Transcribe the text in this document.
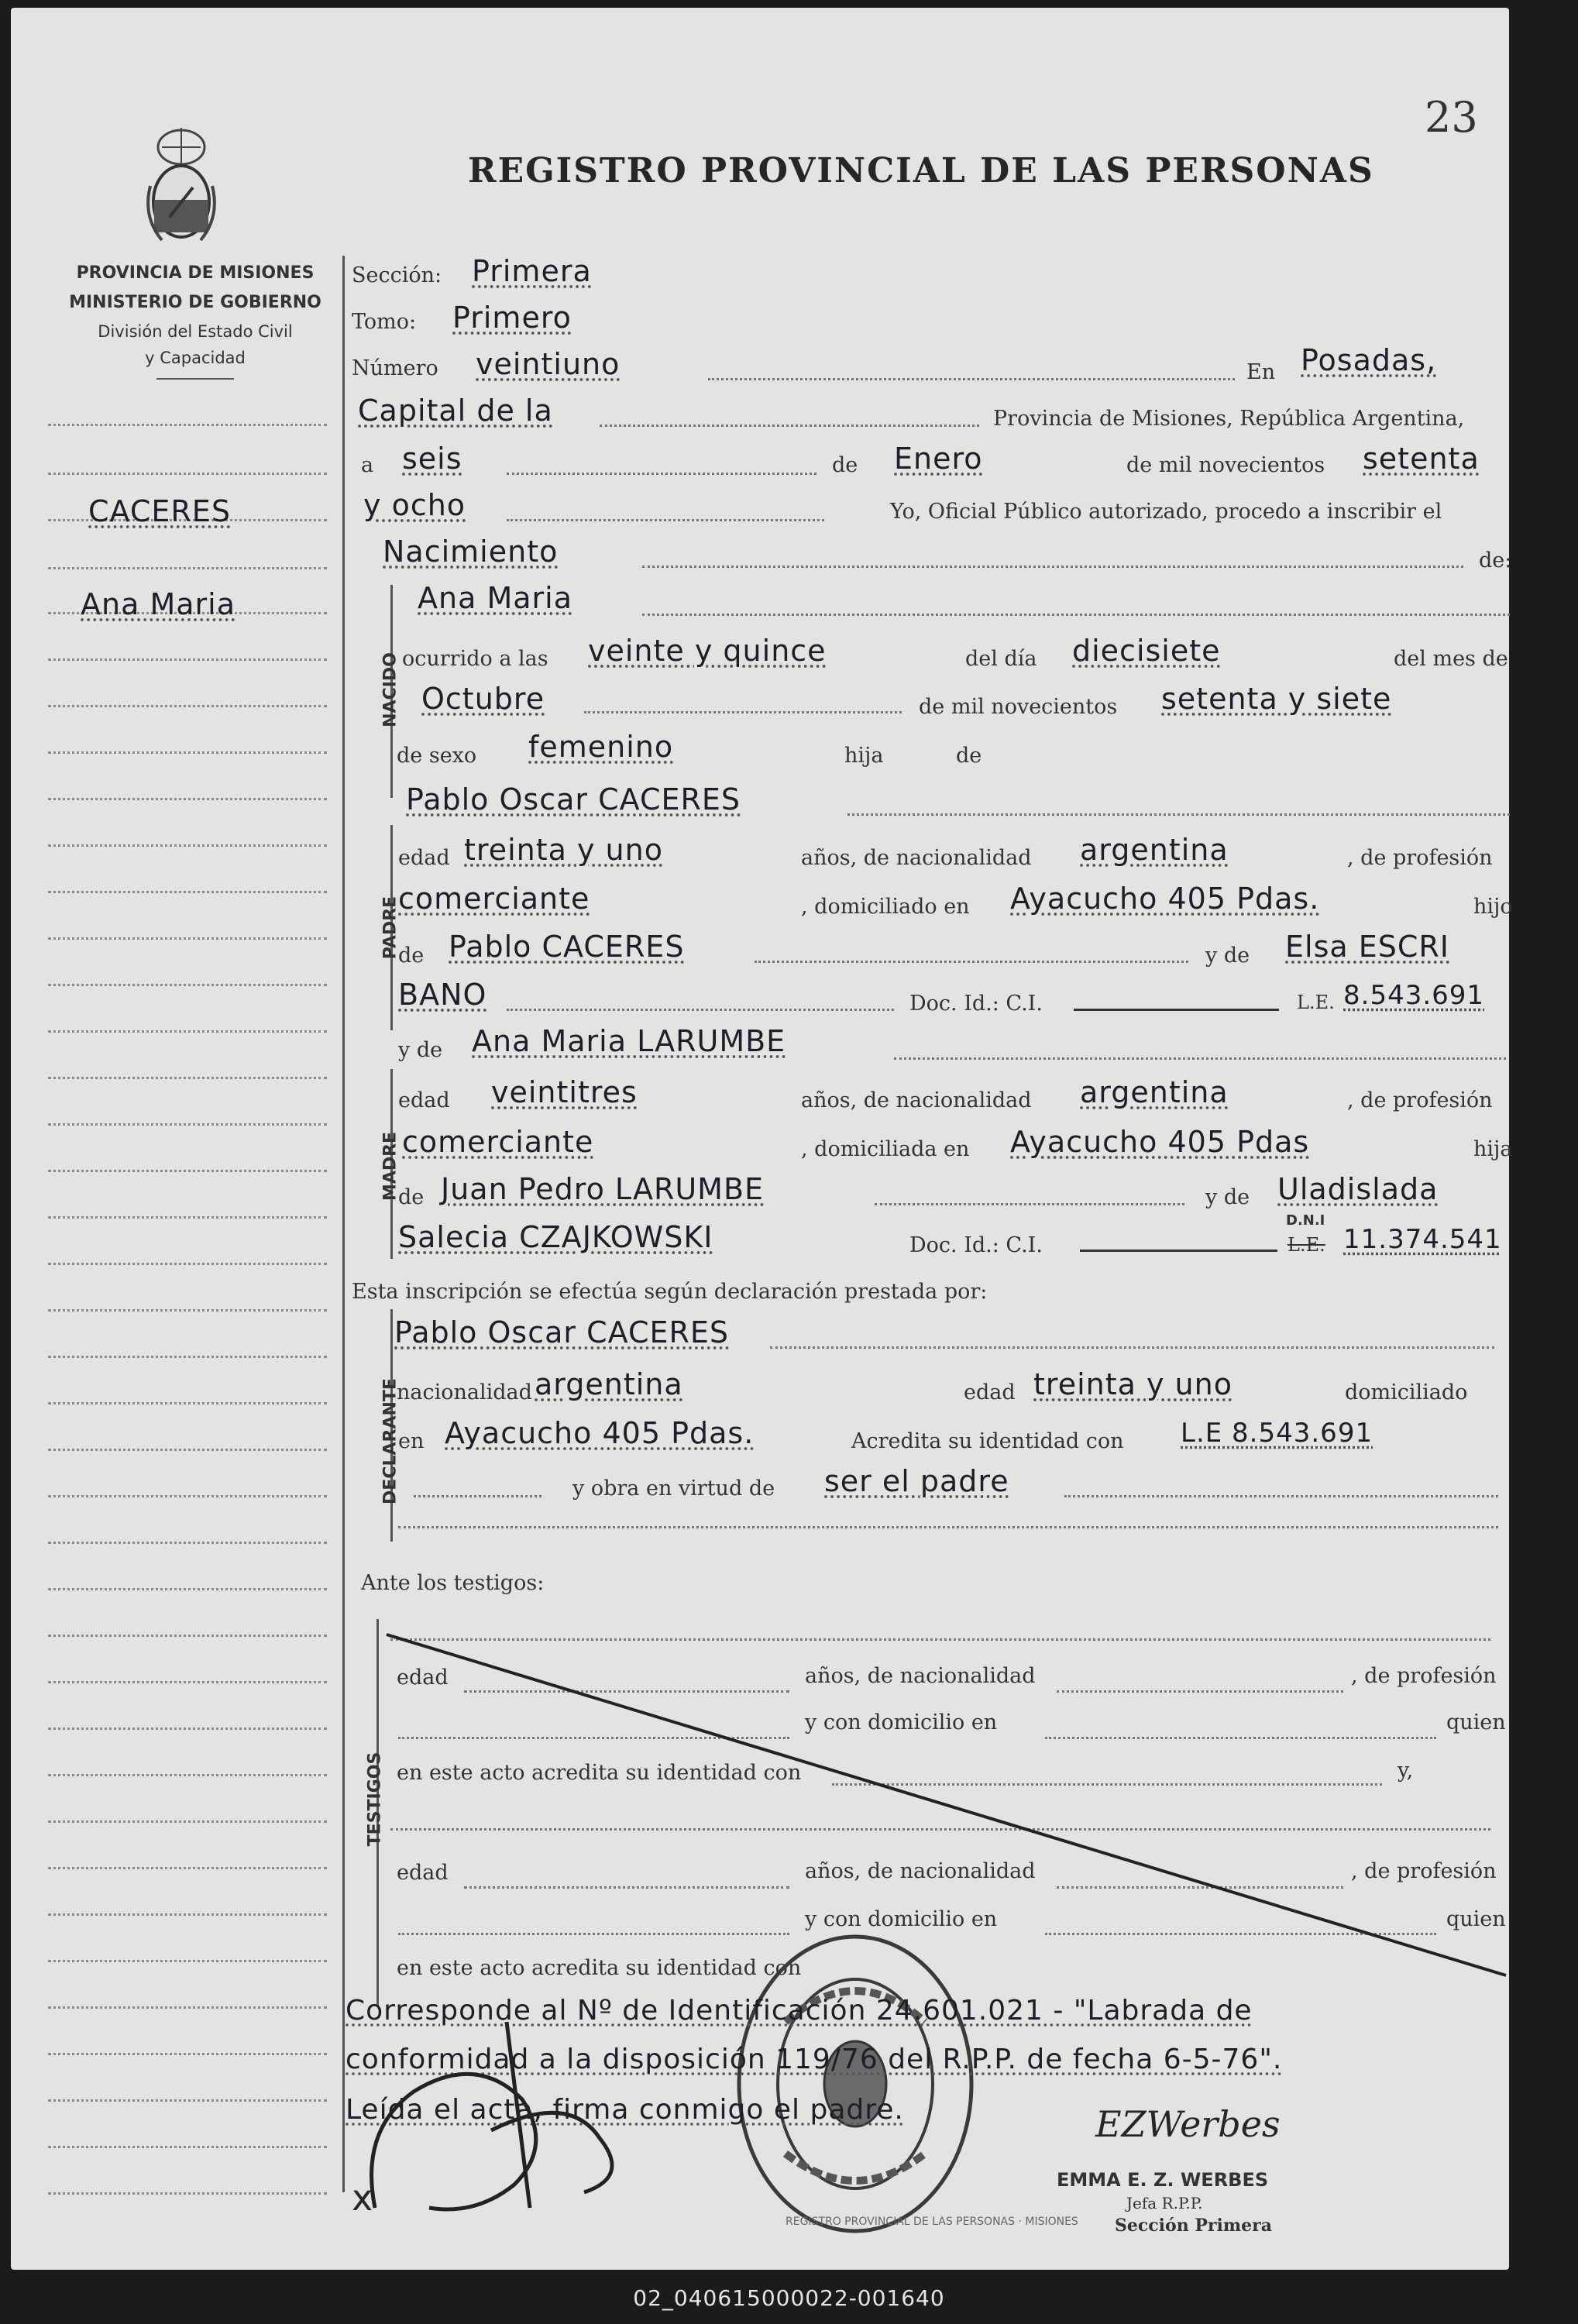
23
REGISTRO PROVINCIAL DE LAS PERSONAS
PROVINCIA DE MISIONES
MINISTERIO DE GOBIERNO
División del Estado Civil
y Capacidad
CACERES
Ana Maria
Sección: Primera
Tomo: Primero
Número veintiuno	En Posadas,
Capital de la	Provincia de Misiones, República Argentina,
a seis	de Enero	de mil novecientos setenta
y ocho	Yo, Oficial Público autorizado, procedo a inscribir el
Nacimiento	de:
NACIDO
Ana Maria
ocurrido a las veinte y quince	del día diecisiete	del mes de
Octubre	de mil novecientos setenta y siete
de sexo femenino	hija	de
Pablo Oscar CACERES
PADRE
edad treinta y uno	años, de nacionalidad argentina	, de profesión
comerciante	, domiciliado en Ayacucho 405 Pdas.	hijo
de Pablo CACERES	y de Elsa ESCRI
BANO	Doc. Id.: C.I.	L.E. 8.543.691
y de Ana Maria LARUMBE
MADRE
edad veintitres	años, de nacionalidad argentina	, de profesión
comerciante	, domiciliada en Ayacucho 405 Pdas	hija
de Juan Pedro LARUMBE	y de Uladislada
Salecia CZAJKOWSKI	Doc. Id.: C.I.
D.N.I
L.E. 11.374.541
Esta inscripción se efectúa según declaración prestada por:
DECLARANTE
Pablo Oscar CACERES
nacionalidad argentina	edad treinta y uno	domiciliado
en Ayacucho 405 Pdas.	Acredita su identidad con L.E 8.543.691
y obra en virtud de ser el padre
Ante los testigos:
TESTIGOS
edad	años, de nacionalidad	, de profesión
y con domicilio en	quien
en este acto acredita su identidad con	y,
edad	años, de nacionalidad	, de profesión
y con domicilio en	quien
en este acto acredita su identidad con
REGISTRO PROVINCIAL DE LAS PERSONAS · MISIONES
Corresponde al Nº de Identificación 24.601.021 - "Labrada de
conformidad a la disposición 119/76 del R.P.P. de fecha 6-5-76".
Leída el acta, firma conmigo el padre.
x
EZWerbes
EMMA E. Z. WERBES
Jefa R.P.P.
Sección Primera
02_040615000022-001640
